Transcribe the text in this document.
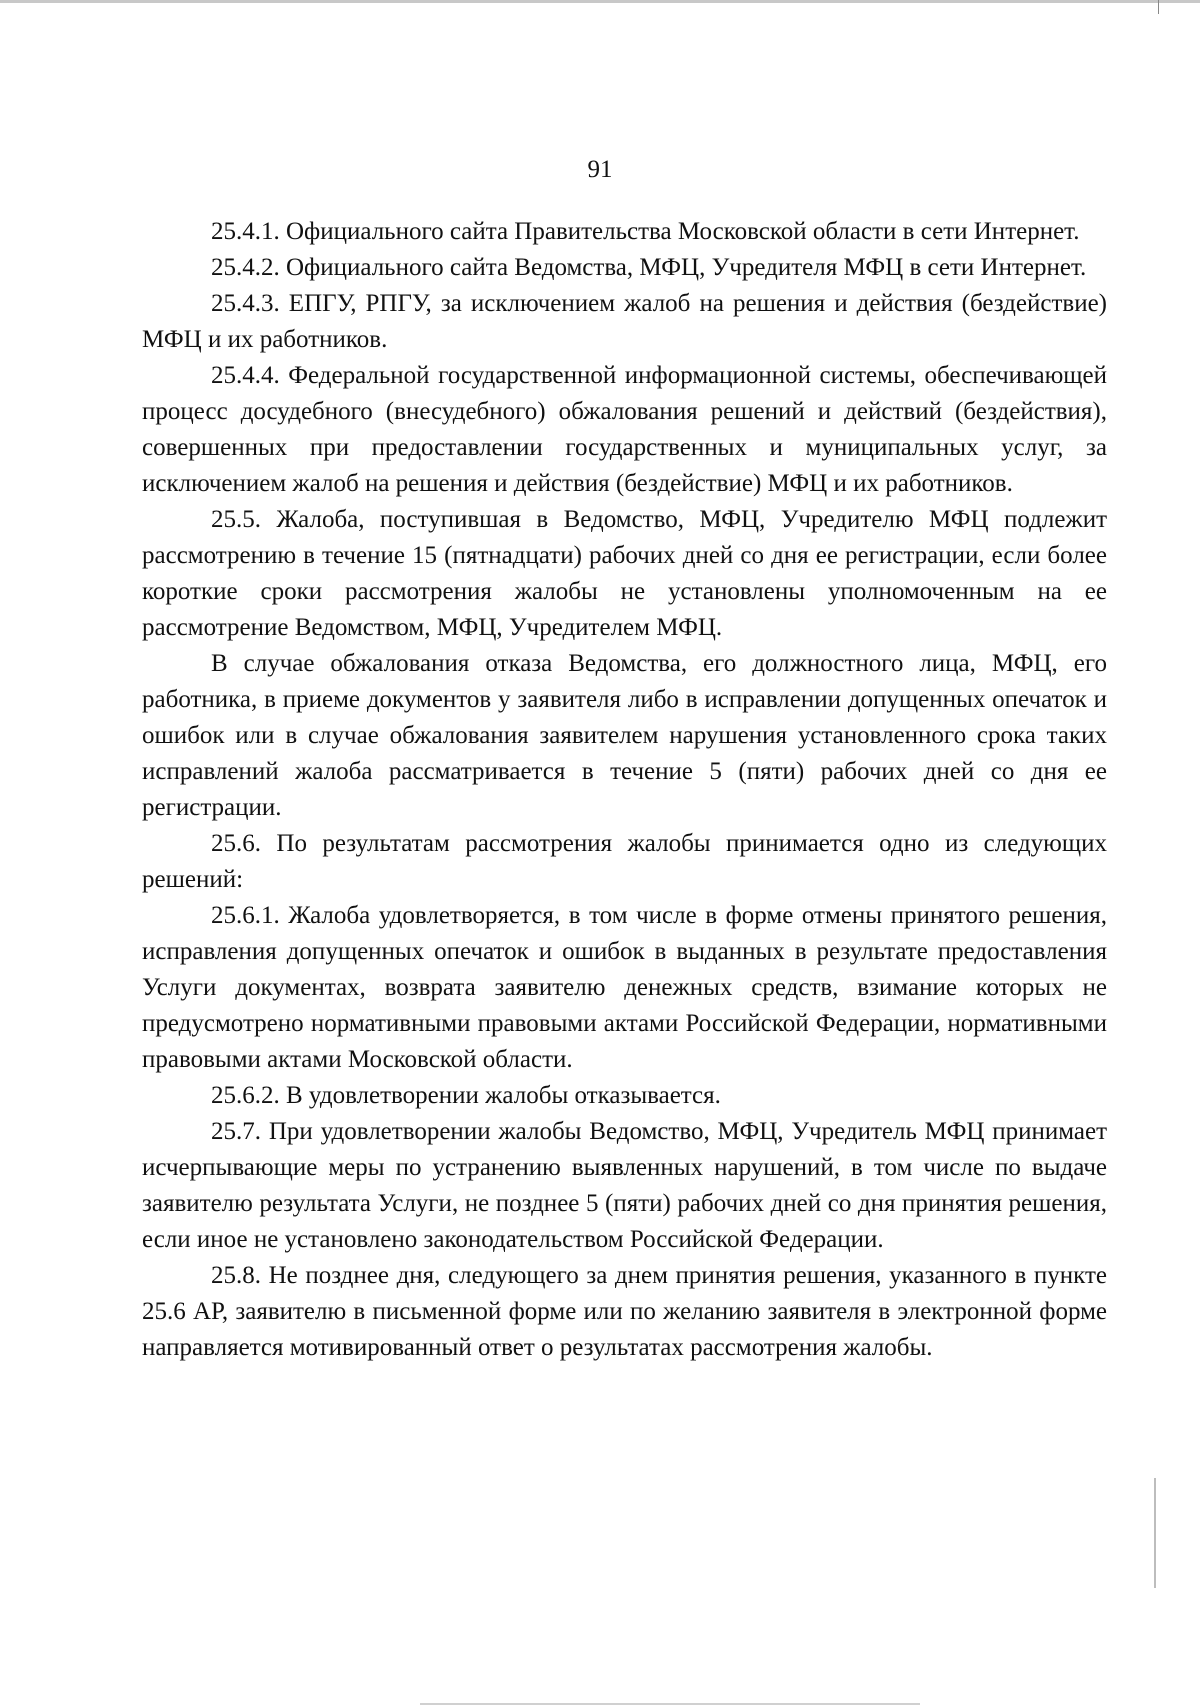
91

25.4.1. Официального сайта Правительства Московской области в сети Интернет.

25.4.2. Официального сайта Ведомства, МФЦ, Учредителя МФЦ в сети Интернет.

25.4.3. ЕПГУ, РПГУ, за исключением жалоб на решения и действия (бездействие) МФЦ и их работников.

25.4.4. Федеральной государственной информационной системы, обеспечивающей процесс досудебного (внесудебного) обжалования решений и действий (бездействия), совершенных при предоставлении государственных и муниципальных услуг, за исключением жалоб на решения и действия (бездействие) МФЦ и их работников.

25.5. Жалоба, поступившая в Ведомство, МФЦ, Учредителю МФЦ подлежит рассмотрению в течение 15 (пятнадцати) рабочих дней со дня ее регистрации, если более короткие сроки рассмотрения жалобы не установлены уполномоченным на ее рассмотрение Ведомством, МФЦ, Учредителем МФЦ.

В случае обжалования отказа Ведомства, его должностного лица, МФЦ, его работника, в приеме документов у заявителя либо в исправлении допущенных опечаток и ошибок или в случае обжалования заявителем нарушения установленного срока таких исправлений жалоба рассматривается в течение 5 (пяти) рабочих дней со дня ее регистрации.

25.6. По результатам рассмотрения жалобы принимается одно из следующих решений:

25.6.1. Жалоба удовлетворяется, в том числе в форме отмены принятого решения, исправления допущенных опечаток и ошибок в выданных в результате предоставления Услуги документах, возврата заявителю денежных средств, взимание которых не предусмотрено нормативными правовыми актами Российской Федерации, нормативными правовыми актами Московской области.

25.6.2. В удовлетворении жалобы отказывается.

25.7. При удовлетворении жалобы Ведомство, МФЦ, Учредитель МФЦ принимает исчерпывающие меры по устранению выявленных нарушений, в том числе по выдаче заявителю результата Услуги, не позднее 5 (пяти) рабочих дней со дня принятия решения, если иное не установлено законодательством Российской Федерации.

25.8. Не позднее дня, следующего за днем принятия решения, указанного в пункте 25.6 АР, заявителю в письменной форме или по желанию заявителя в электронной форме направляется мотивированный ответ о результатах рассмотрения жалобы.
